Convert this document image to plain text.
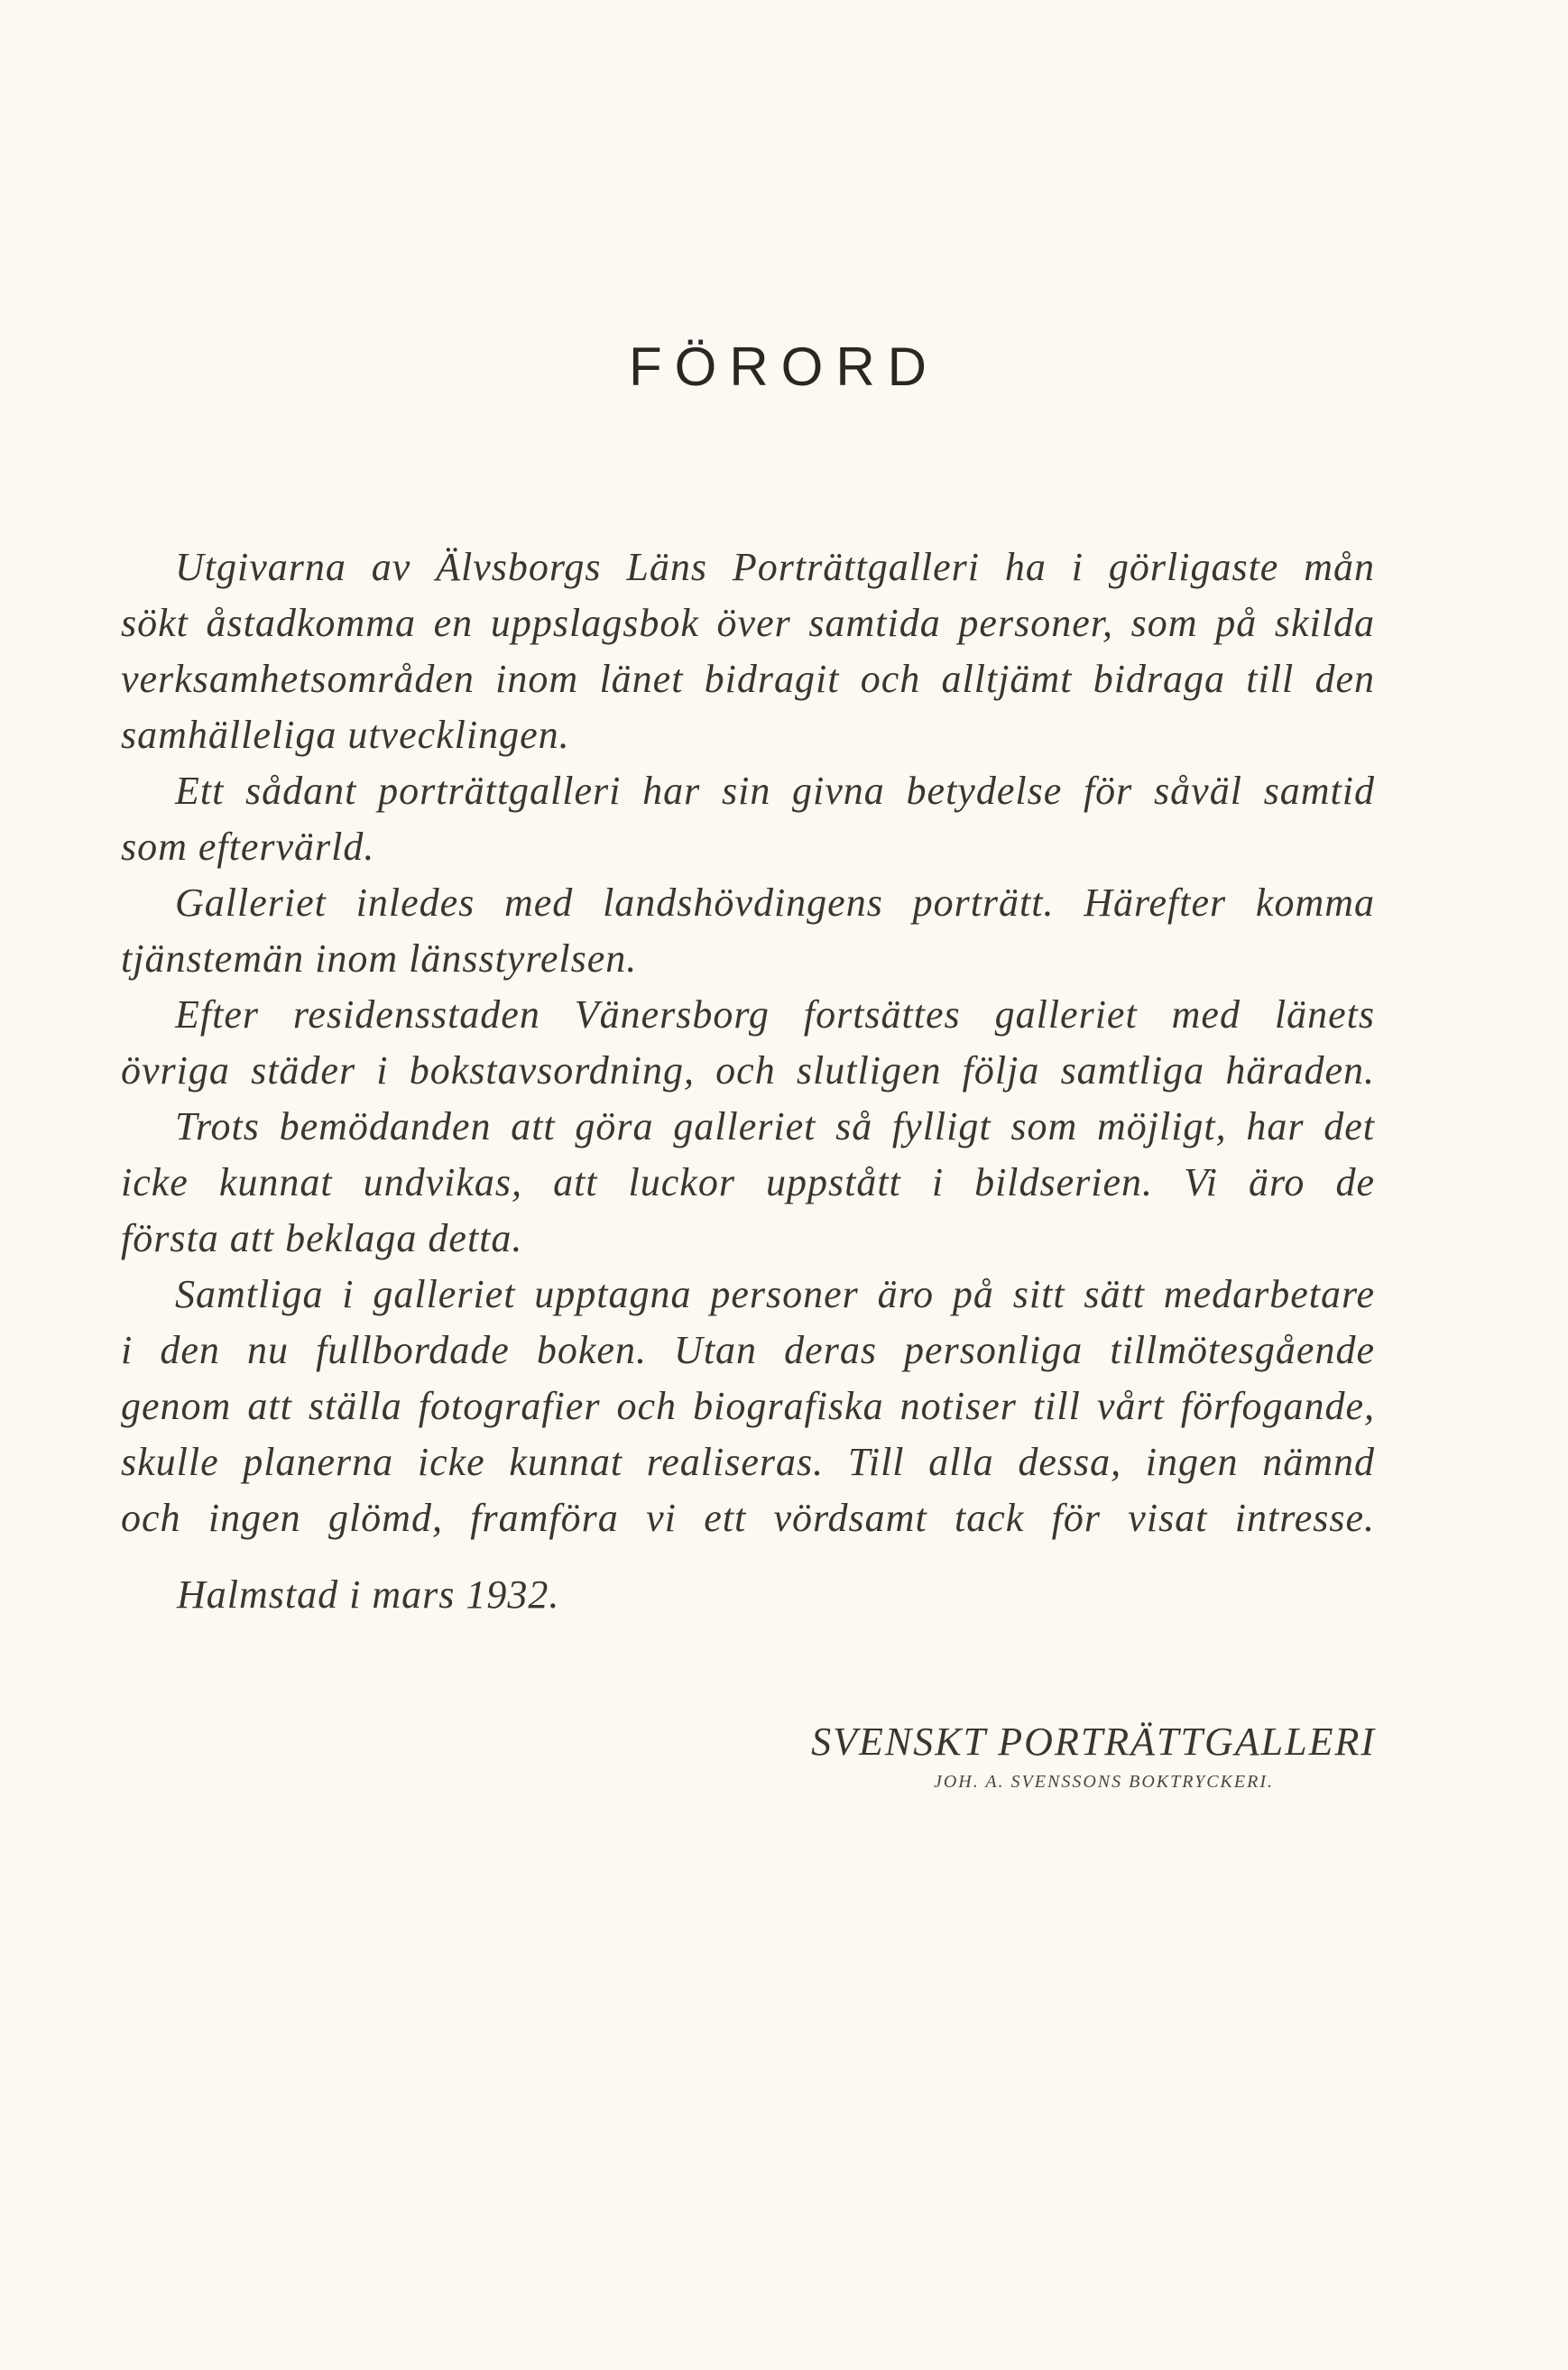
FÖRORD
Utgivarna av Älvsborgs Läns Porträttgalleri ha i görligaste mån
sökt åstadkomma en uppslagsbok över samtida personer, som på skilda
verksamhetsområden inom länet bidragit och alltjämt bidraga till den
samhälleliga utvecklingen.
Ett sådant porträttgalleri har sin givna betydelse för såväl samtid
som eftervärld.
Galleriet inledes med landshövdingens porträtt. Härefter komma
tjänstemän inom länsstyrelsen.
Efter residensstaden Vänersborg fortsättes galleriet med länets
övriga städer i bokstavsordning, och slutligen följa samtliga häraden.
Trots bemödanden att göra galleriet så fylligt som möjligt, har det
icke kunnat undvikas, att luckor uppstått i bildserien. Vi äro de
första att beklaga detta.
Samtliga i galleriet upptagna personer äro på sitt sätt medarbetare
i den nu fullbordade boken. Utan deras personliga tillmötesgående
genom att ställa fotografier och biografiska notiser till vårt förfogande,
skulle planerna icke kunnat realiseras. Till alla dessa, ingen nämnd
och ingen glömd, framföra vi ett vördsamt tack för visat intresse.
Halmstad i mars 1932.
SVENSKT PORTRÄTTGALLERI
JOH. A. SVENSSONS BOKTRYCKERI.
